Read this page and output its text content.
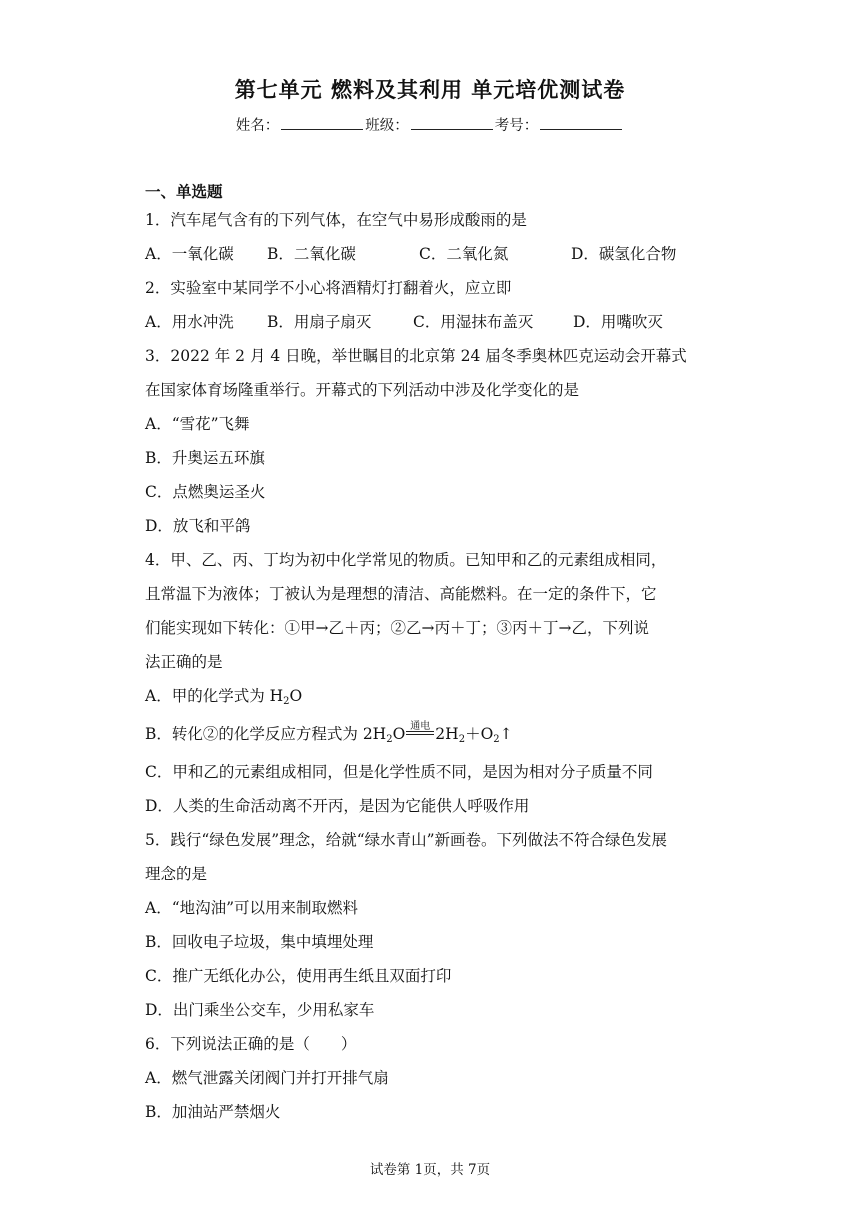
第七单元 燃料及其利用 单元培优测试卷
姓名：	班级：	考号：
一、单选题
1．汽车尾气含有的下列气体，在空气中易形成酸雨的是
A．一氧化碳 B．二氧化碳	C．二氧化氮	D．碳氢化合物
2．实验室中某同学不小心将酒精灯打翻着火，应立即
A．用水冲洗 B．用扇子扇灭	C．用湿抹布盖灭	D．用嘴吹灭
3．2022 年 2 月 4 日晚，举世瞩目的北京第 24 届冬季奥林匹克运动会开幕式
在国家体育场隆重举行。开幕式的下列活动中涉及化学变化的是
A．“雪花”飞舞
B．升奥运五环旗
C．点燃奥运圣火
D．放飞和平鸽
4．甲、乙、丙、丁均为初中化学常见的物质。已知甲和乙的元素组成相同，
且常温下为液体；丁被认为是理想的清洁、高能燃料。在一定的条件下，它
们能实现如下转化：①甲→乙＋丙；②乙→丙＋丁；③丙＋丁→乙，下列说
法正确的是
A．甲的化学式为 $H_2O$
B．转化②的化学反应方程式为 $2H_2O$ 通电 $2H_2+O_2↑$
C．甲和乙的元素组成相同，但是化学性质不同，是因为相对分子质量不同
D．人类的生命活动离不开丙，是因为它能供人呼吸作用
5．践行“绿色发展”理念，给就“绿水青山”新画卷。下列做法不符合绿色发展
理念的是
A．“地沟油”可以用来制取燃料
B．回收电子垃圾，集中填埋处理
C．推广无纸化办公，使用再生纸且双面打印
D．出门乘坐公交车，少用私家车
6．下列说法正确的是（　　）
A．燃气泄露关闭阀门并打开排气扇
B．加油站严禁烟火
试卷第 1页，共 7页
